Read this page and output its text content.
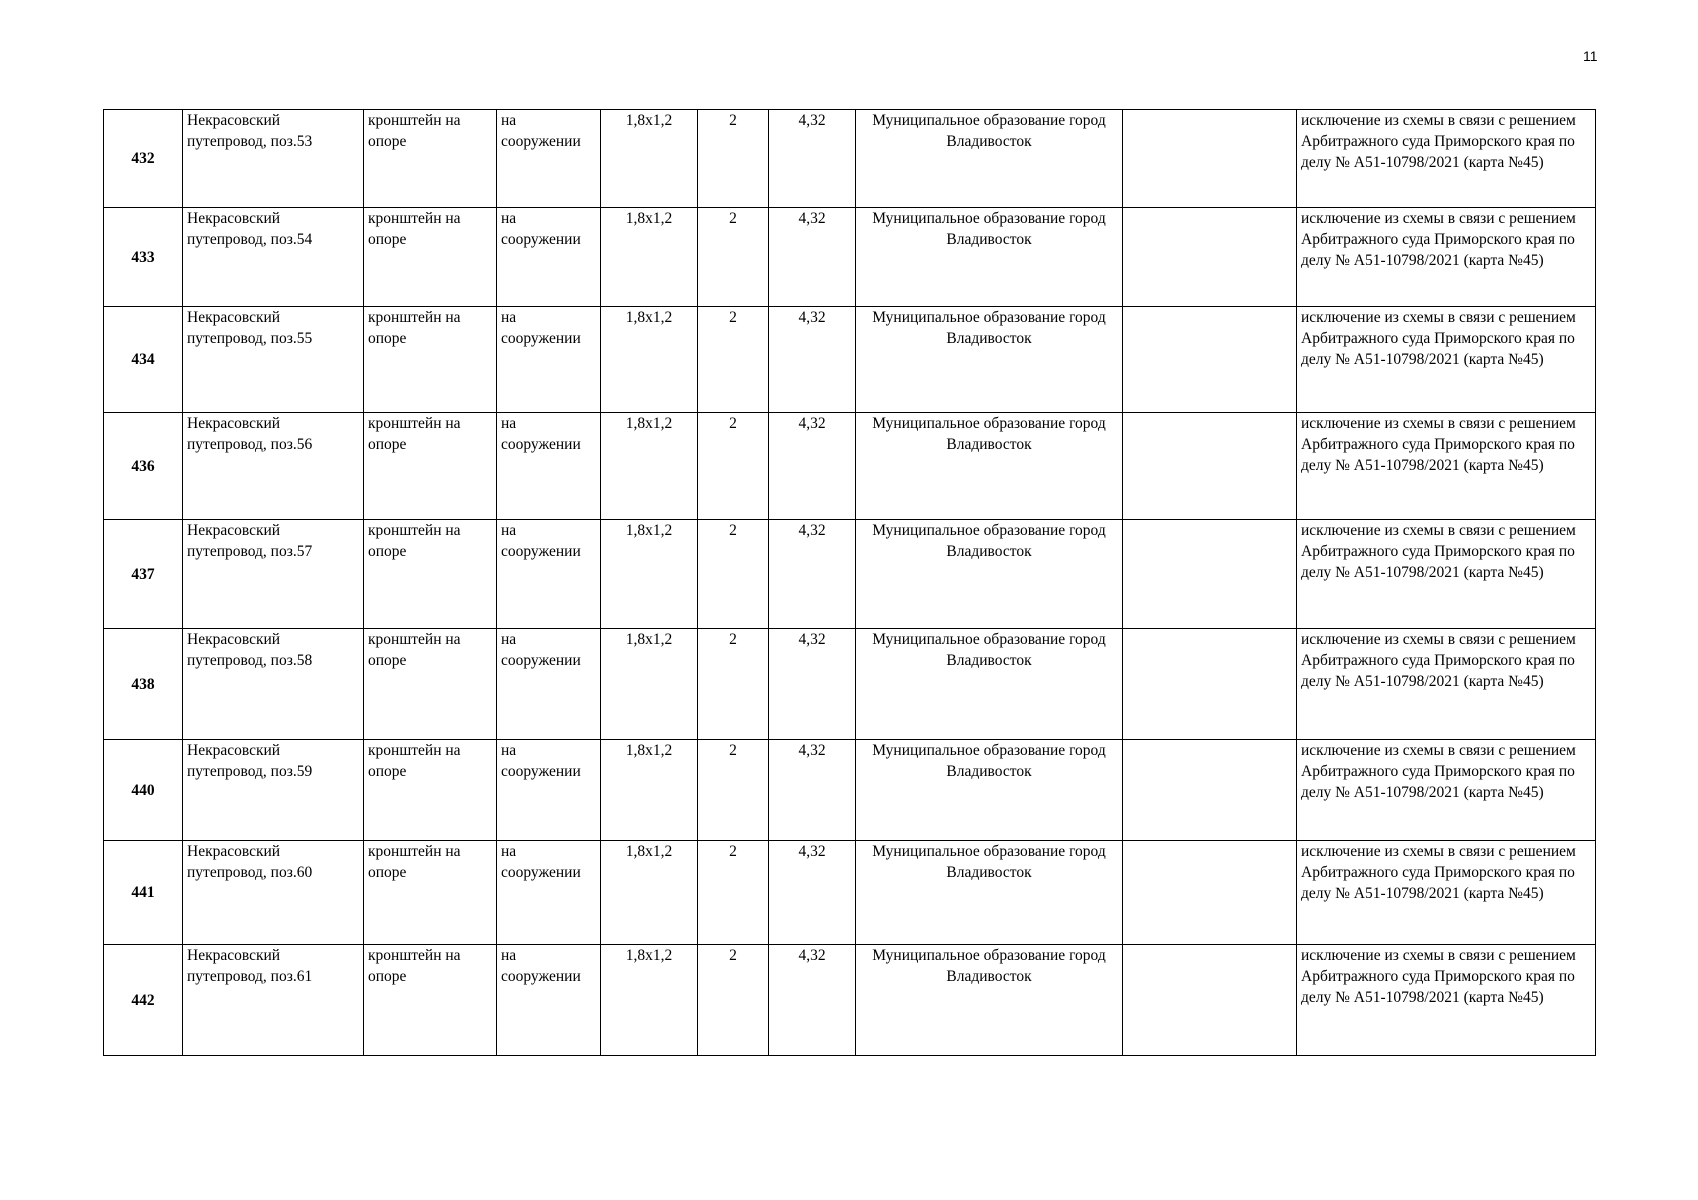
11
432	Некрасовский путепровод, поз.53	кронштейн на опоре	на сооружении	1,8x1,2	2	4,32	Муниципальное образование город Владивосток		исключение из схемы в связи с решением Арбитражного суда Приморского края по делу № А51-10798/2021 (карта №45)
433	Некрасовский путепровод, поз.54	кронштейн на опоре	на сооружении	1,8x1,2	2	4,32	Муниципальное образование город Владивосток		исключение из схемы в связи с решением Арбитражного суда Приморского края по делу № А51-10798/2021 (карта №45)
434	Некрасовский путепровод, поз.55	кронштейн на опоре	на сооружении	1,8x1,2	2	4,32	Муниципальное образование город Владивосток		исключение из схемы в связи с решением Арбитражного суда Приморского края по делу № А51-10798/2021 (карта №45)
436	Некрасовский путепровод, поз.56	кронштейн на опоре	на сооружении	1,8x1,2	2	4,32	Муниципальное образование город Владивосток		исключение из схемы в связи с решением Арбитражного суда Приморского края по делу № А51-10798/2021 (карта №45)
437	Некрасовский путепровод, поз.57	кронштейн на опоре	на сооружении	1,8x1,2	2	4,32	Муниципальное образование город Владивосток		исключение из схемы в связи с решением Арбитражного суда Приморского края по делу № А51-10798/2021 (карта №45)
438	Некрасовский путепровод, поз.58	кронштейн на опоре	на сооружении	1,8x1,2	2	4,32	Муниципальное образование город Владивосток		исключение из схемы в связи с решением Арбитражного суда Приморского края по делу № А51-10798/2021 (карта №45)
440	Некрасовский путепровод, поз.59	кронштейн на опоре	на сооружении	1,8x1,2	2	4,32	Муниципальное образование город Владивосток		исключение из схемы в связи с решением Арбитражного суда Приморского края по делу № А51-10798/2021 (карта №45)
441	Некрасовский путепровод, поз.60	кронштейн на опоре	на сооружении	1,8x1,2	2	4,32	Муниципальное образование город Владивосток		исключение из схемы в связи с решением Арбитражного суда Приморского края по делу № А51-10798/2021 (карта №45)
442	Некрасовский путепровод, поз.61	кронштейн на опоре	на сооружении	1,8x1,2	2	4,32	Муниципальное образование город Владивосток		исключение из схемы в связи с решением Арбитражного суда Приморского края по делу № А51-10798/2021 (карта №45)
